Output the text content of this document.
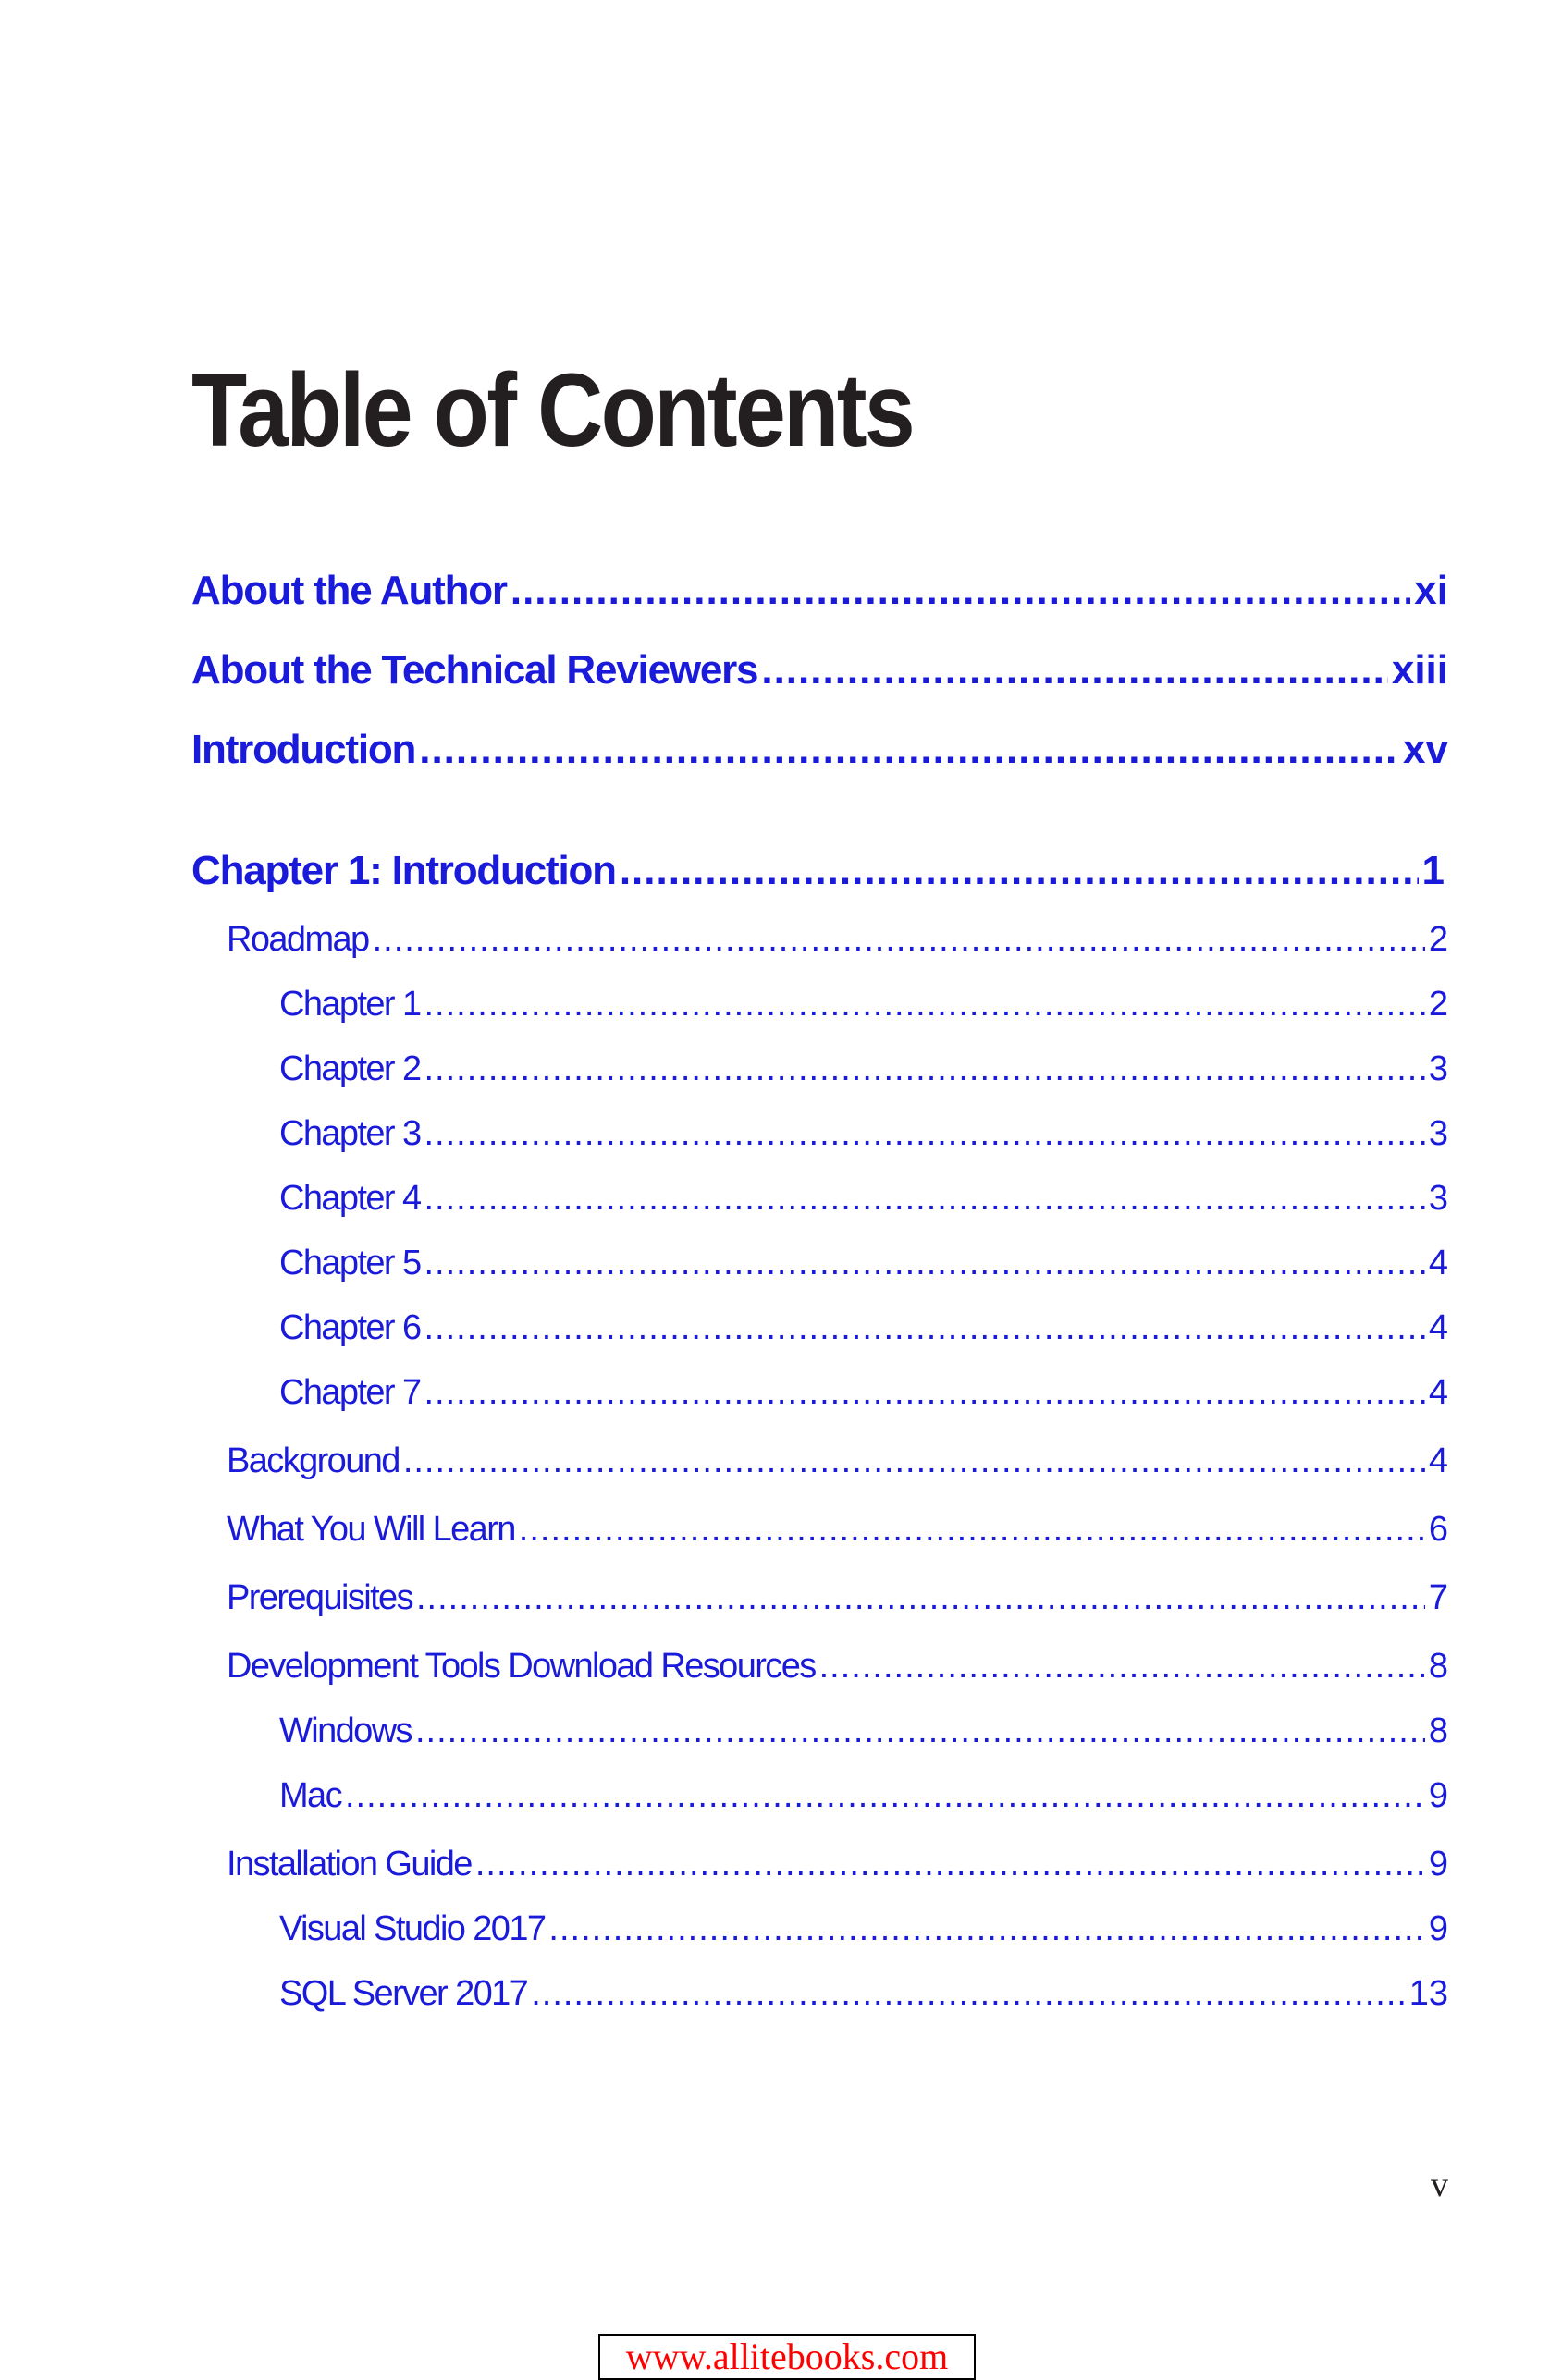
Table of Contents
About the Author .....	xi
About the Technical Reviewers .....	xiii
Introduction .....	xv
Chapter 1: Introduction .....	1
Roadmap .....	2
Chapter 1 .....	2
Chapter 2 .....	3
Chapter 3 .....	3
Chapter 4 .....	3
Chapter 5 .....	4
Chapter 6 .....	4
Chapter 7 .....	4
Background .....	4
What You Will Learn .....	6
Prerequisites .....	7
Development Tools Download Resources .....	8
Windows .....	8
Mac .....	9
Installation Guide .....	9
Visual Studio 2017 .....	9
SQL Server 2017 .....	13
v
www.allitebooks.com
